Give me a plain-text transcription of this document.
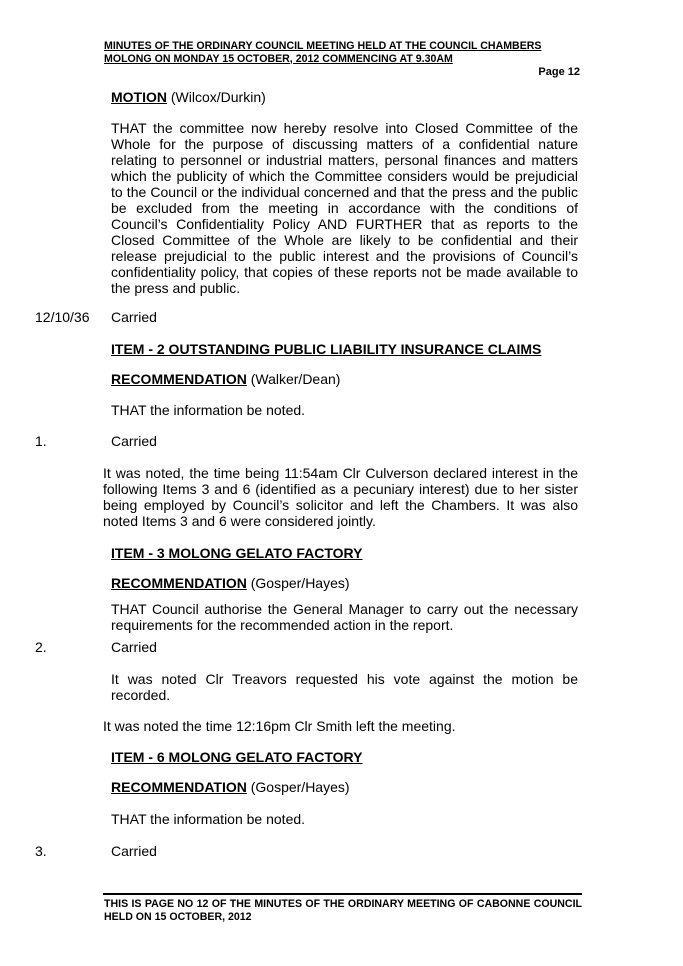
MINUTES OF THE ORDINARY COUNCIL MEETING HELD AT THE COUNCIL CHAMBERS
MOLONG ON MONDAY 15 OCTOBER, 2012 COMMENCING AT 9.30AM
Page 12
MOTION (Wilcox/Durkin)
THAT the committee now hereby resolve into Closed Committee of the Whole for the purpose of discussing matters of a confidential nature relating to personnel or industrial matters, personal finances and matters which the publicity of which the Committee considers would be prejudicial to the Council or the individual concerned and that the press and the public be excluded from the meeting in accordance with the conditions of Council’s Confidentiality Policy AND FURTHER that as reports to the Closed Committee of the Whole are likely to be confidential and their release prejudicial to the public interest and the provisions of Council’s confidentiality policy, that copies of these reports not be made available to the press and public.
12/10/36 Carried
ITEM - 2 OUTSTANDING PUBLIC LIABILITY INSURANCE CLAIMS
RECOMMENDATION (Walker/Dean)
THAT the information be noted.
1.	Carried
It was noted, the time being 11:54am Clr Culverson declared interest in the following Items 3 and 6 (identified as a pecuniary interest) due to her sister being employed by Council’s solicitor and left the Chambers. It was also noted Items 3 and 6 were considered jointly.
ITEM - 3 MOLONG GELATO FACTORY
RECOMMENDATION (Gosper/Hayes)
THAT Council authorise the General Manager to carry out the necessary requirements for the recommended action in the report.
2.	Carried
It was noted Clr Treavors requested his vote against the motion be recorded.
It was noted the time 12:16pm Clr Smith left the meeting.
ITEM - 6 MOLONG GELATO FACTORY
RECOMMENDATION (Gosper/Hayes)
THAT the information be noted.
3.	Carried
THIS IS PAGE NO 12 OF THE MINUTES OF THE ORDINARY MEETING OF CABONNE COUNCIL HELD ON 15 OCTOBER, 2012
